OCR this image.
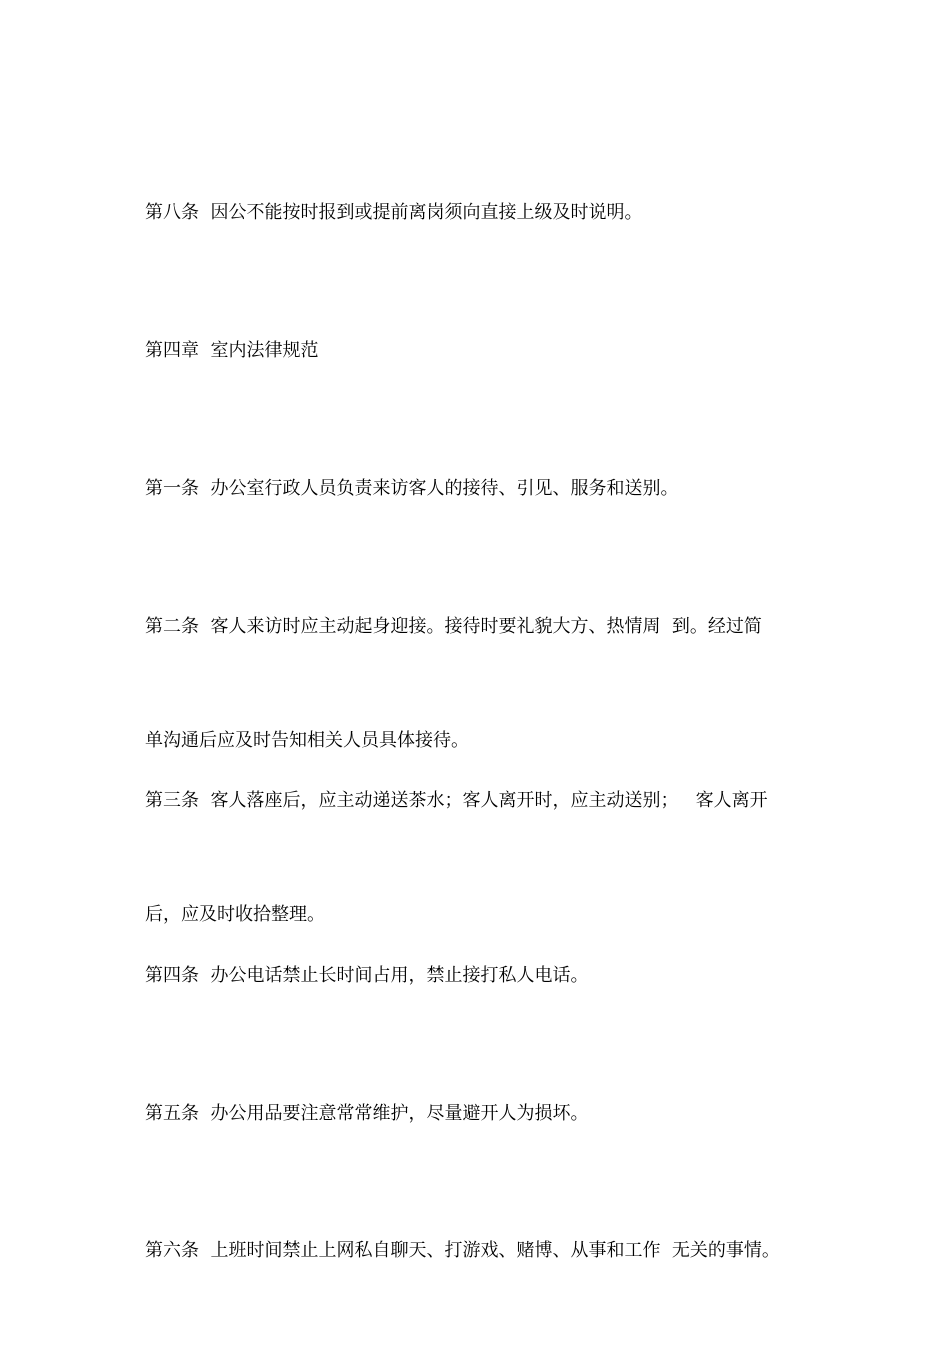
第八条  因公不能按时报到或提前离岗须向直接上级及时说明。

第四章  室内法律规范

第一条  办公室行政人员负责来访客人的接待、引见、服务和送别。

第二条  客人来访时应主动起身迎接。接待时要礼貌大方、热情周  到。经过简

单沟通后应及时告知相关人员具体接待。

第三条  客人落座后，应主动递送茶水；客人离开时，应主动送别；   客人离开

后，应及时收拾整理。

第四条  办公电话禁止长时间占用，禁止接打私人电话。

第五条  办公用品要注意常常维护，尽量避开人为损坏。

第六条  上班时间禁止上网私自聊天、打游戏、赌博、从事和工作  无关的事情。
